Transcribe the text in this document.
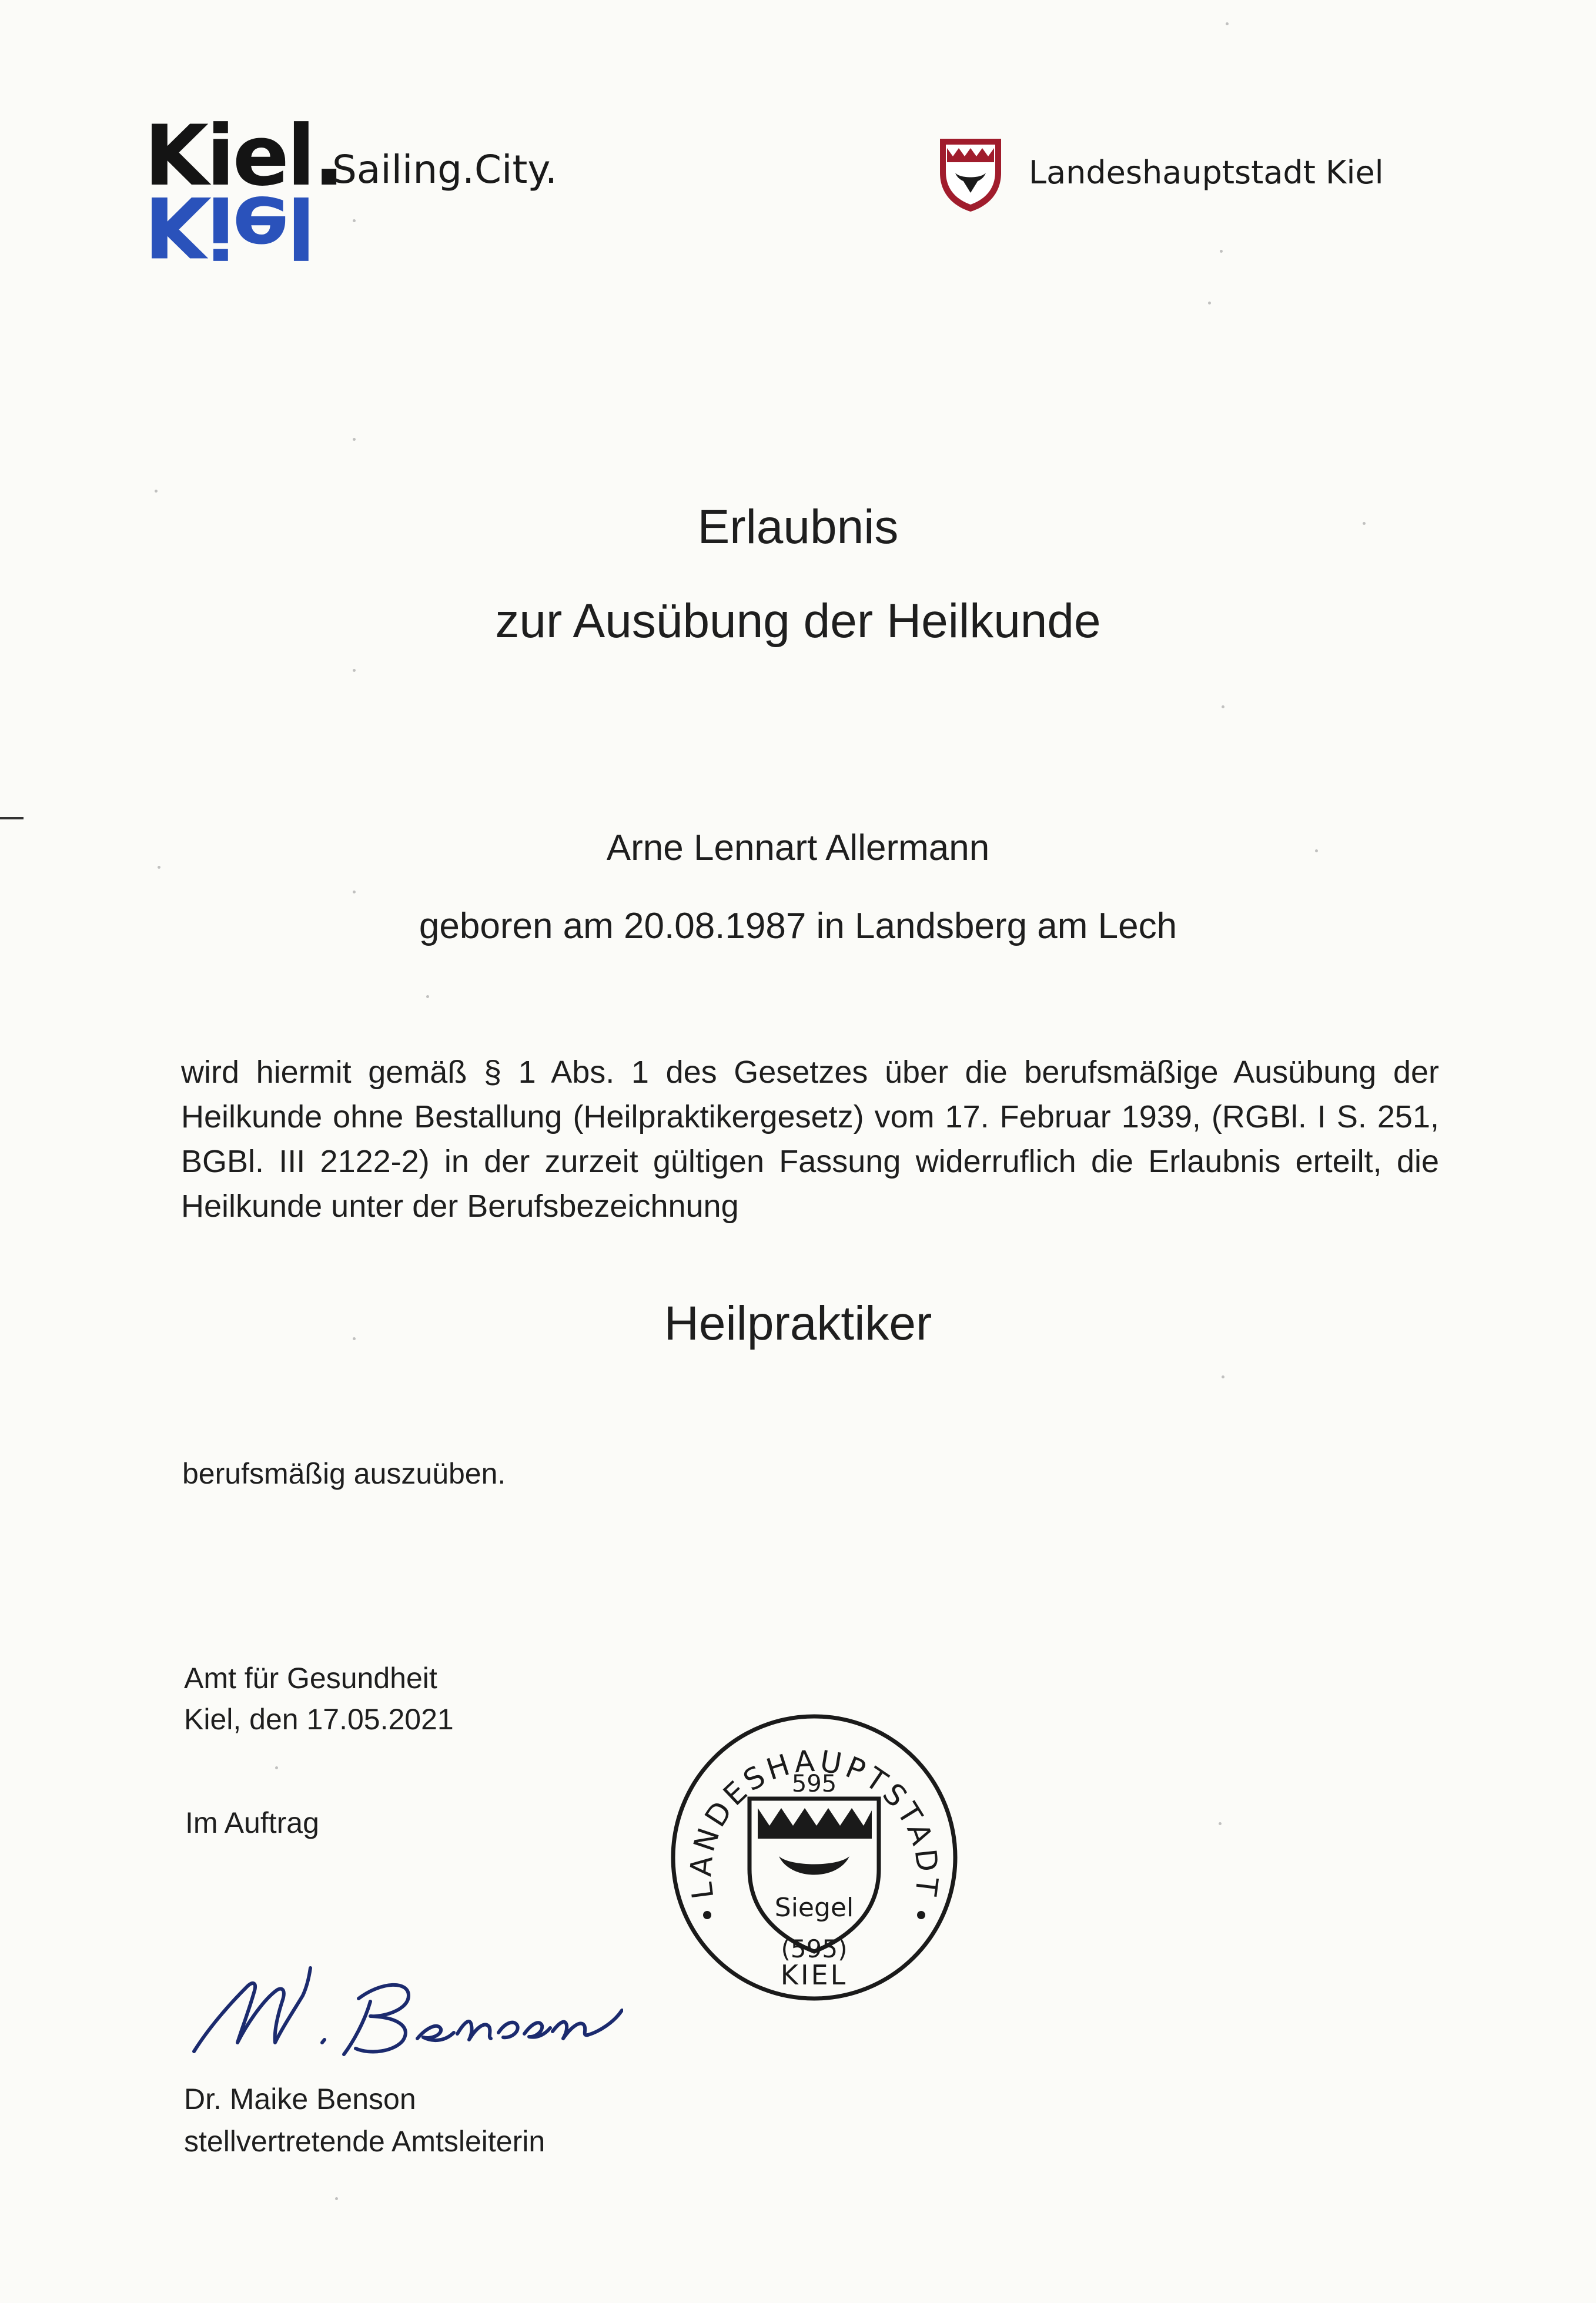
Kiel.
Kiel
Sailing.City.	Landeshauptstadt Kiel
Erlaubnis
zur Ausübung der Heilkunde
Arne Lennart Allermann
geboren am 20.08.1987 in Landsberg am Lech
wird hiermit gemäß § 1 Abs. 1 des Gesetzes über die berufsmäßige Ausübung der Heilkunde ohne Bestallung (Heilpraktikergesetz) vom 17. Februar 1939, (RGBl. I S. 251, BGBl. III 2122-2) in der zurzeit gültigen Fassung widerruflich die Erlaubnis erteilt, die Heilkunde unter der Berufsbezeichnung
Heilpraktiker
berufsmäßig auszuüben.
Amt für Gesundheit
Kiel, den 17.05.2021
Im Auftrag
Dr. Maike Benson
stellvertretende Amtsleiterin
LANDESHAUPTSTADT
595
Siegel
(595)
KIEL
